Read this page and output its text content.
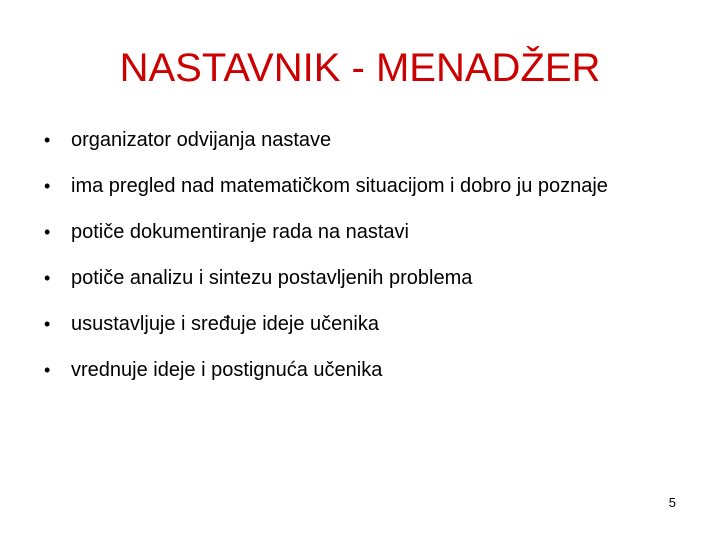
NASTAVNIK - MENADŽER
• organizator odvijanja nastave
• ima pregled nad matematičkom situacijom i dobro ju poznaje
• potiče dokumentiranje rada na nastavi
• potiče analizu i sintezu postavljenih problema
• usustavljuje i sređuje ideje učenika
• vrednuje ideje i postignuća učenika
5
